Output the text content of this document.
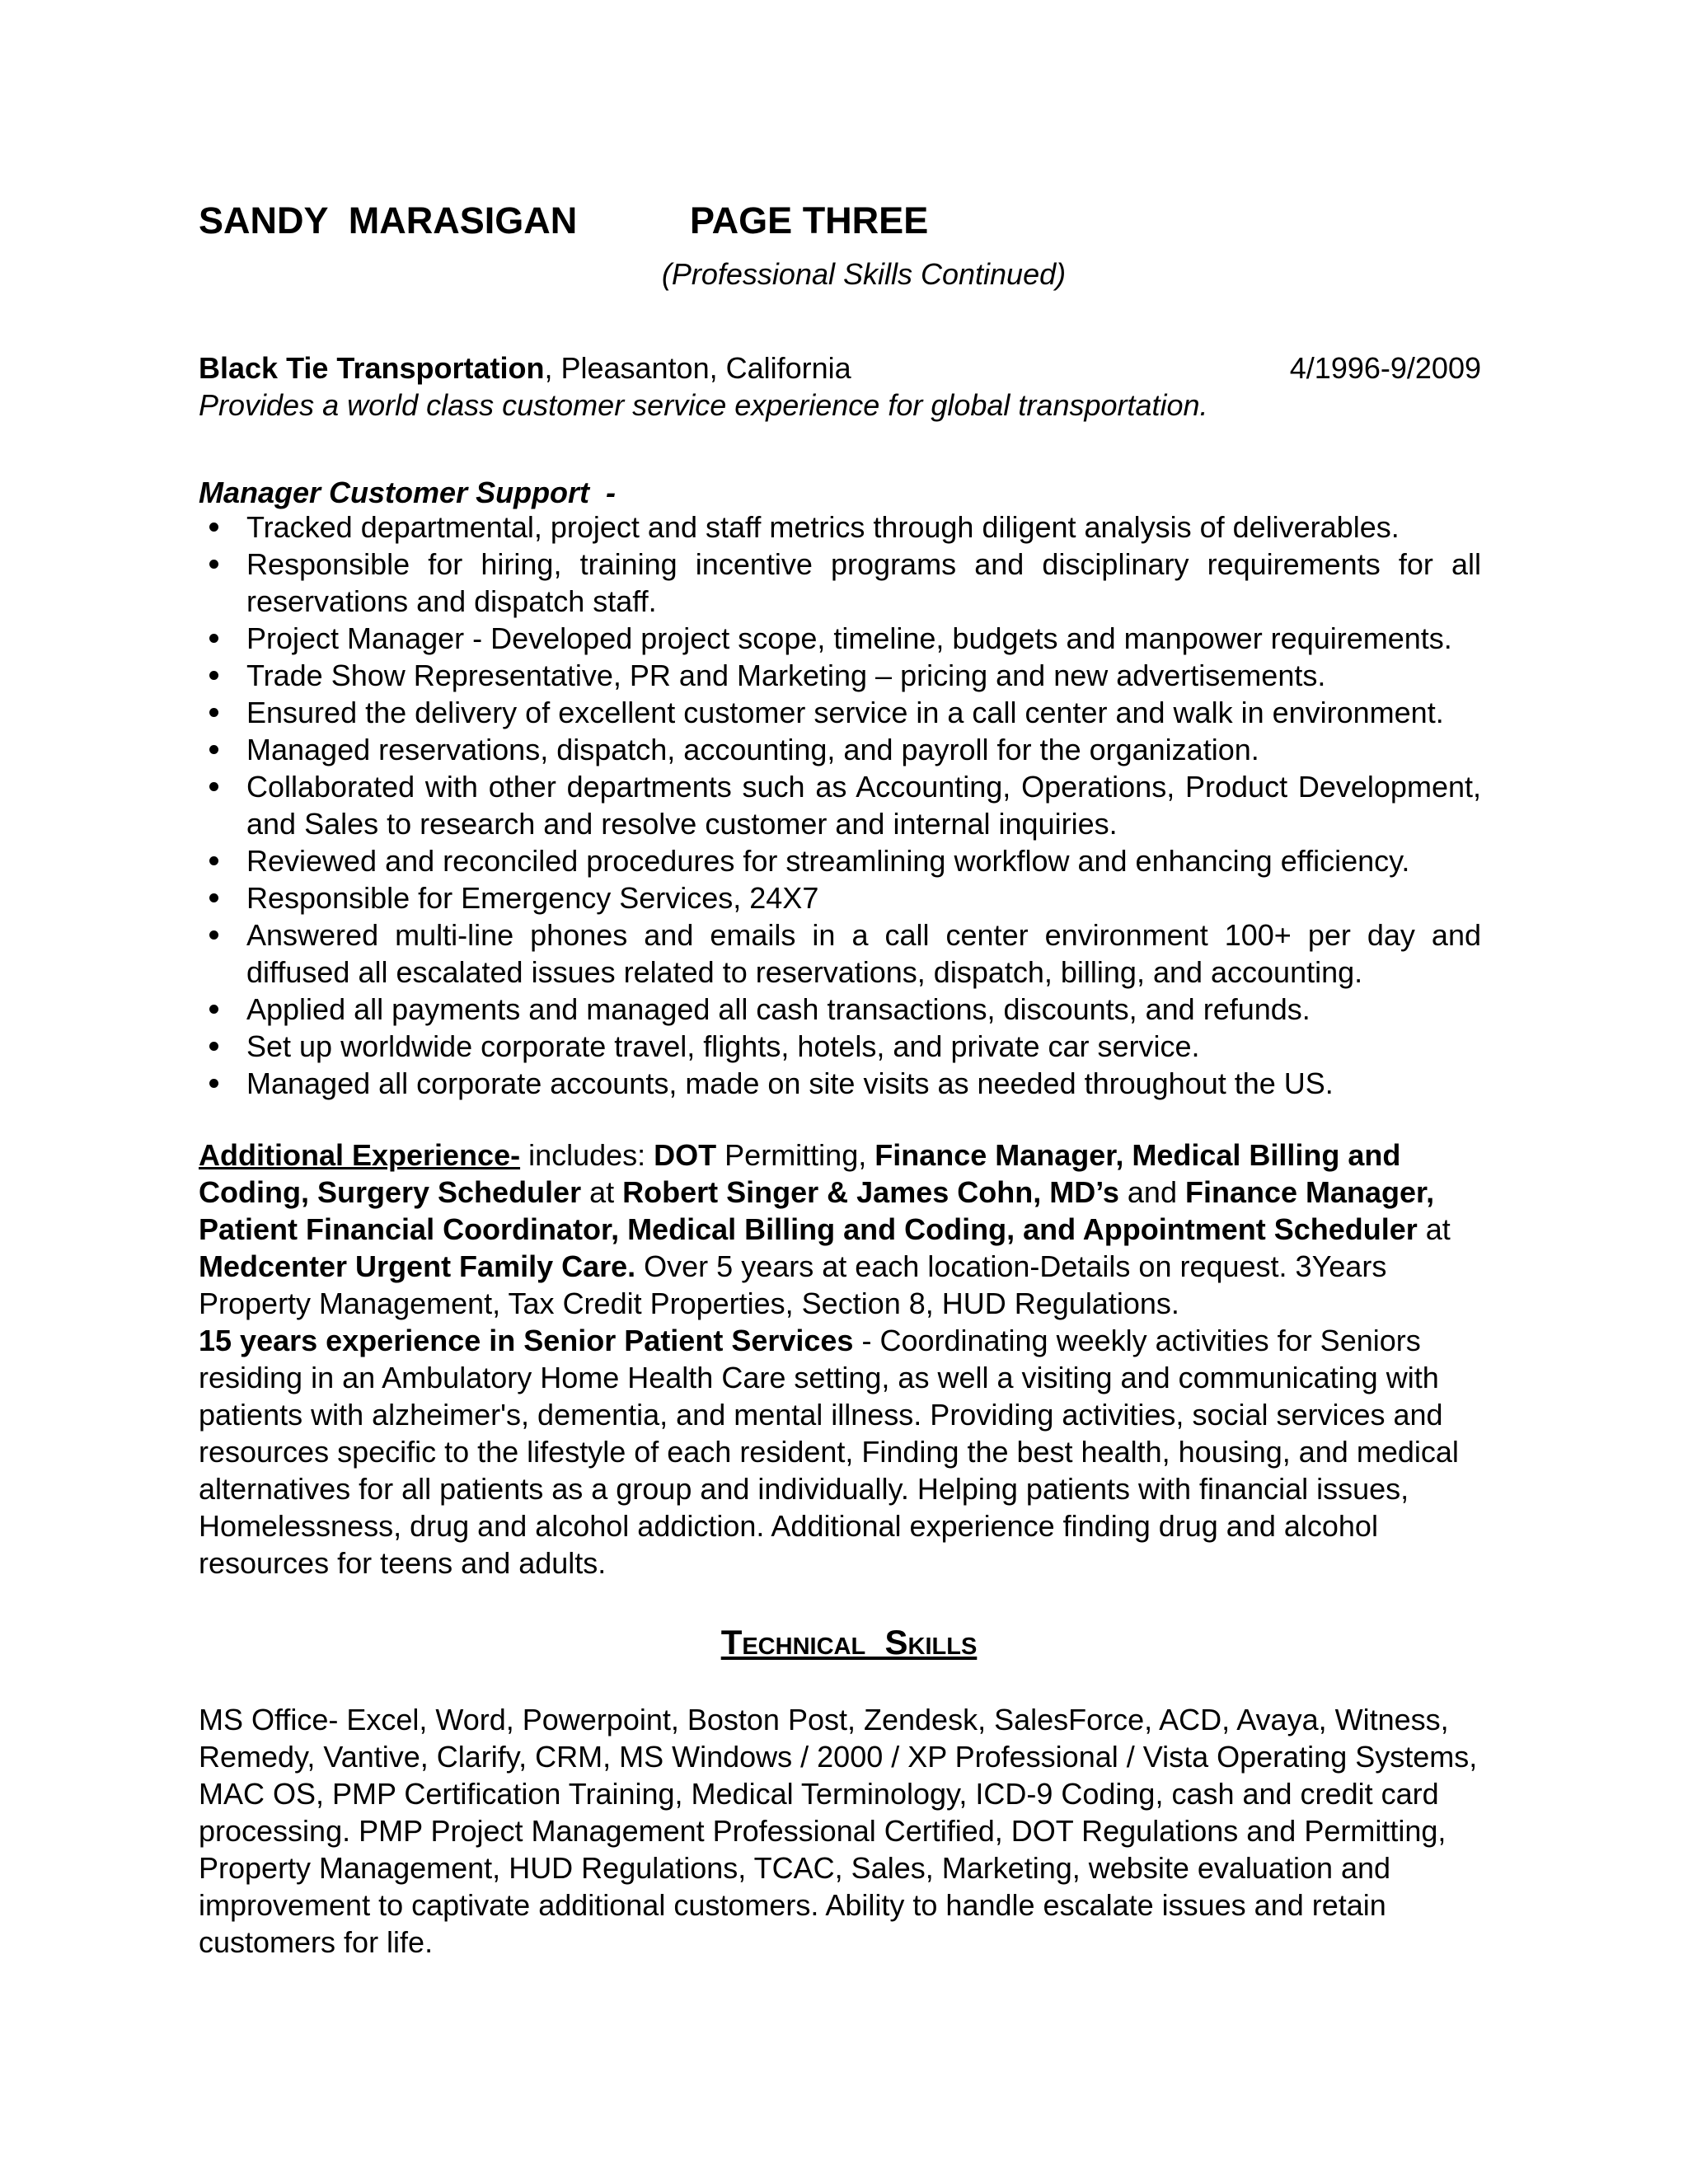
SANDY  MARASIGAN	PAGE THREE
(Professional Skills Continued)
Black Tie Transportation, Pleasanton, California	4/1996-9/2009
Provides a world class customer service experience for global transportation.
Manager Customer Support  -
Tracked departmental, project and staff metrics through diligent analysis of deliverables.
Responsible for hiring, training incentive programs and disciplinary requirements for all reservations and dispatch staff.
Project Manager - Developed project scope, timeline, budgets and manpower requirements.
Trade Show Representative, PR and Marketing – pricing and new advertisements.
Ensured the delivery of excellent customer service in a call center and walk in environment.
Managed reservations, dispatch, accounting, and payroll for the organization.
Collaborated with other departments such as Accounting, Operations, Product Development, and Sales to research and resolve customer and internal inquiries.
Reviewed and reconciled procedures for streamlining workflow and enhancing efficiency.
Responsible for Emergency Services, 24X7
Answered multi-line phones and emails in a call center environment 100+ per day and diffused all escalated issues related to reservations, dispatch, billing, and accounting.
Applied all payments and managed all cash transactions, discounts, and refunds.
Set up worldwide corporate travel, flights, hotels, and private car service.
Managed all corporate accounts, made on site visits as needed throughout the US.
Additional Experience- includes: DOT Permitting, Finance Manager, Medical Billing and Coding, Surgery Scheduler at Robert Singer & James Cohn, MD’s and Finance Manager, Patient Financial Coordinator, Medical Billing and Coding, and Appointment Scheduler at Medcenter Urgent Family Care. Over 5 years at each location-Details on request. 3Years Property Management, Tax Credit Properties, Section 8, HUD Regulations.
15 years experience in Senior Patient Services - Coordinating weekly activities for Seniors residing in an Ambulatory Home Health Care setting, as well a visiting and communicating with patients with alzheimer's, dementia, and mental illness. Providing activities, social services and resources specific to the lifestyle of each resident, Finding the best health, housing, and medical alternatives for all patients as a group and individually. Helping patients with financial issues, Homelessness, drug and alcohol addiction. Additional experience finding drug and alcohol resources for teens and adults.
Technical  Skills
MS Office- Excel, Word, Powerpoint, Boston Post, Zendesk, SalesForce, ACD, Avaya, Witness, Remedy, Vantive, Clarify, CRM, MS Windows / 2000 / XP Professional / Vista Operating Systems, MAC OS, PMP Certification Training, Medical Terminology, ICD-9 Coding, cash and credit card processing. PMP Project Management Professional Certified, DOT Regulations and Permitting, Property Management, HUD Regulations, TCAC, Sales, Marketing, website evaluation and improvement to captivate additional customers. Ability to handle escalate issues and retain customers for life.
